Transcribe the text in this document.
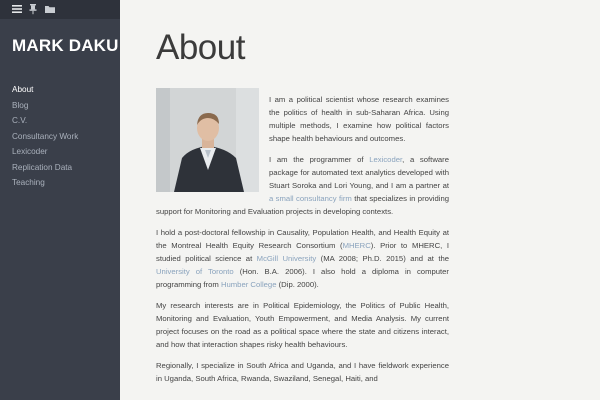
MARK DAKU
About
Blog
C.V.
Consultancy Work
Lexicoder
Replication Data
Teaching
About

I am a political scientist whose research examines the politics of health in sub-Saharan Africa. Using multiple methods, I examine how political factors shape health behaviours and outcomes.

I am the programmer of Lexicoder, a software package for automated text analytics developed with Stuart Soroka and Lori Young, and I am a partner at a small consultancy firm that specializes in providing support for Monitoring and Evaluation projects in developing contexts.

I hold a post-doctoral fellowship in Causality, Population Health, and Health Equity at the Montreal Health Equity Research Consortium (MHERC). Prior to MHERC, I studied political science at McGill University (MA 2008; Ph.D. 2015) and at the University of Toronto (Hon. B.A. 2006). I also hold a diploma in computer programming from Humber College (Dip. 2000).

My research interests are in Political Epidemiology, the Politics of Public Health, Monitoring and Evaluation, Youth Empowerment, and Media Analysis. My current project focuses on the road as a political space where the state and citizens interact, and how that interaction shapes risky health behaviours.

Regionally, I specialize in South Africa and Uganda, and I have fieldwork experience in Uganda, South Africa, Rwanda, Swaziland, Senegal, Haiti, and
